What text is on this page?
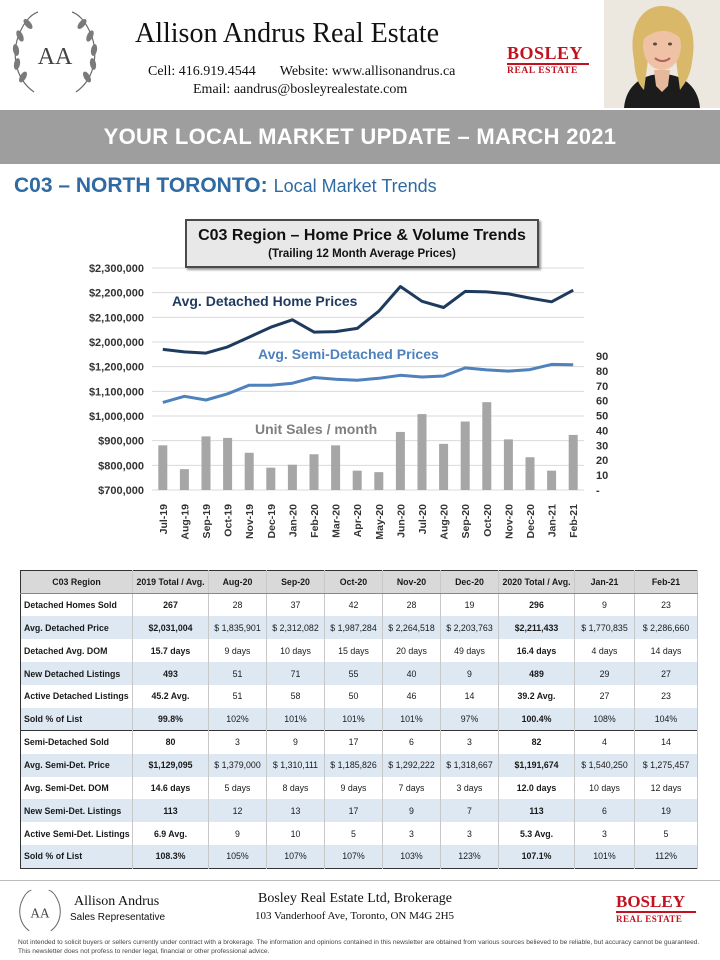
AA
Allison Andrus Real Estate
Cell: 416.919.4544 Website: www.allisonandrus.ca
Email: aandrus@bosleyrealestate.com
BOSLEY
REAL ESTATE
YOUR LOCAL MARKET UPDATE – MARCH 2021
C03 – NORTH TORONTO: Local Market Trends
$700,000
$800,000
$900,000
$1,000,000
$1,100,000
$1,200,000
$2,000,000
$2,100,000
$2,200,000
$2,300,000
-
10
20
30
40
50
60
70
80
90
Jul-19 Aug-19 Sep-19 Oct-19 Nov-19 Dec-19 Jan-20 Feb-20 Mar-20 Apr-20 May-20 Jun-20 Jul-20 Aug-20 Sep-20 Oct-20 Nov-20 Dec-20 Jan-21 Feb-21
Avg. Detached Home Prices
Avg. Semi-Detached Prices
Unit Sales / month
C03 Region – Home Price & Volume Trends
(Trailing 12 Month Average Prices)
C03 Region	2019 Total / Avg.	Aug-20	Sep-20	Oct-20	Nov-20	Dec-20	2020 Total / Avg.	Jan-21	Feb-21
Detached Homes Sold	267	28	37	42	28	19	296	9	23
Avg. Detached Price	$2,031,004	$ 1,835,901	$ 2,312,082	$ 1,987,284	$ 2,264,518	$ 2,203,763	$2,211,433	$ 1,770,835	$ 2,286,660
Detached Avg. DOM	15.7 days	9 days	10 days	15 days	20 days	49 days	16.4 days	4 days	14 days
New Detached Listings	493	51	71	55	40	9	489	29	27
Active Detached Listings	45.2 Avg.	51	58	50	46	14	39.2 Avg.	27	23
Sold % of List	99.8%	102%	101%	101%	101%	97%	100.4%	108%	104%
Semi-Detached Sold	80	3	9	17	6	3	82	4	14
Avg. Semi-Det. Price	$1,129,095	$ 1,379,000	$ 1,310,111	$ 1,185,826	$ 1,292,222	$ 1,318,667	$1,191,674	$ 1,540,250	$ 1,275,457
Avg. Semi-Det. DOM	14.6 days	5 days	8 days	9 days	7 days	3 days	12.0 days	10 days	12 days
New Semi-Det. Listings	113	12	13	17	9	7	113	6	19
Active Semi-Det. Listings	6.9 Avg.	9	10	5	3	3	5.3 Avg.	3	5
Sold % of List	108.3%	105%	107%	107%	103%	123%	107.1%	101%	112%
AA
Allison Andrus
Sales Representative
Bosley Real Estate Ltd, Brokerage
103 Vanderhoof Ave, Toronto, ON M4G 2H5
BOSLEY
REAL ESTATE
Not intended to solicit buyers or sellers currently under contract with a brokerage. The information and opinions contained in this newsletter are obtained from various sources believed to be reliable, but accuracy cannot be guaranteed. This newsletter does not profess to render legal, financial or other professional advice.
